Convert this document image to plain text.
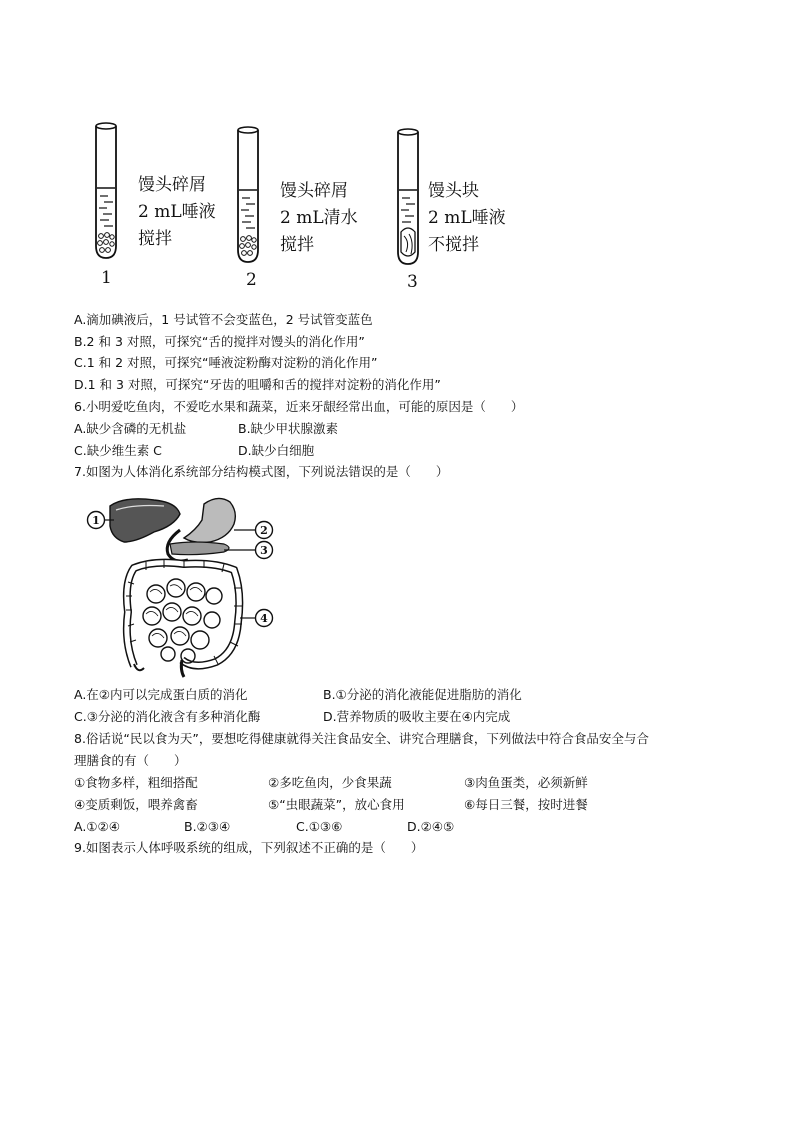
1
馒头碎屑
2 mL唾液
搅拌
2
馒头碎屑
2 mL清水
搅拌
3
馒头块
2 mL唾液
不搅拌
A.滴加碘液后，1 号试管不会变蓝色，2 号试管变蓝色
B.2 和 3 对照，可探究“舌的搅拌对馒头的消化作用”
C.1 和 2 对照，可探究“唾液淀粉酶对淀粉的消化作用”
D.1 和 3 对照，可探究“牙齿的咀嚼和舌的搅拌对淀粉的消化作用”
6.小明爱吃鱼肉，不爱吃水果和蔬菜，近来牙龈经常出血，可能的原因是（　　）
A.缺少含磷的无机盐	B.缺少甲状腺激素
C.缺少维生素 C	D.缺少白细胞
7.如图为人体消化系统部分结构模式图，下列说法错误的是（　　）
1
2
3
4
A.在②内可以完成蛋白质的消化	B.①分泌的消化液能促进脂肪的消化
C.③分泌的消化液含有多种消化酶	D.营养物质的吸收主要在④内完成
8.俗话说“民以食为天”，要想吃得健康就得关注食品安全、讲究合理膳食，下列做法中符合食品安全与合
理膳食的有（　　）
①食物多样，粗细搭配	②多吃鱼肉，少食果蔬	③肉鱼蛋类，必须新鲜
④变质剩饭，喂养禽畜	⑤“虫眼蔬菜”，放心食用	⑥每日三餐，按时进餐
A.①②④	B.②③④	C.①③⑥	D.②④⑤
9.如图表示人体呼吸系统的组成，下列叙述不正确的是（　　）
